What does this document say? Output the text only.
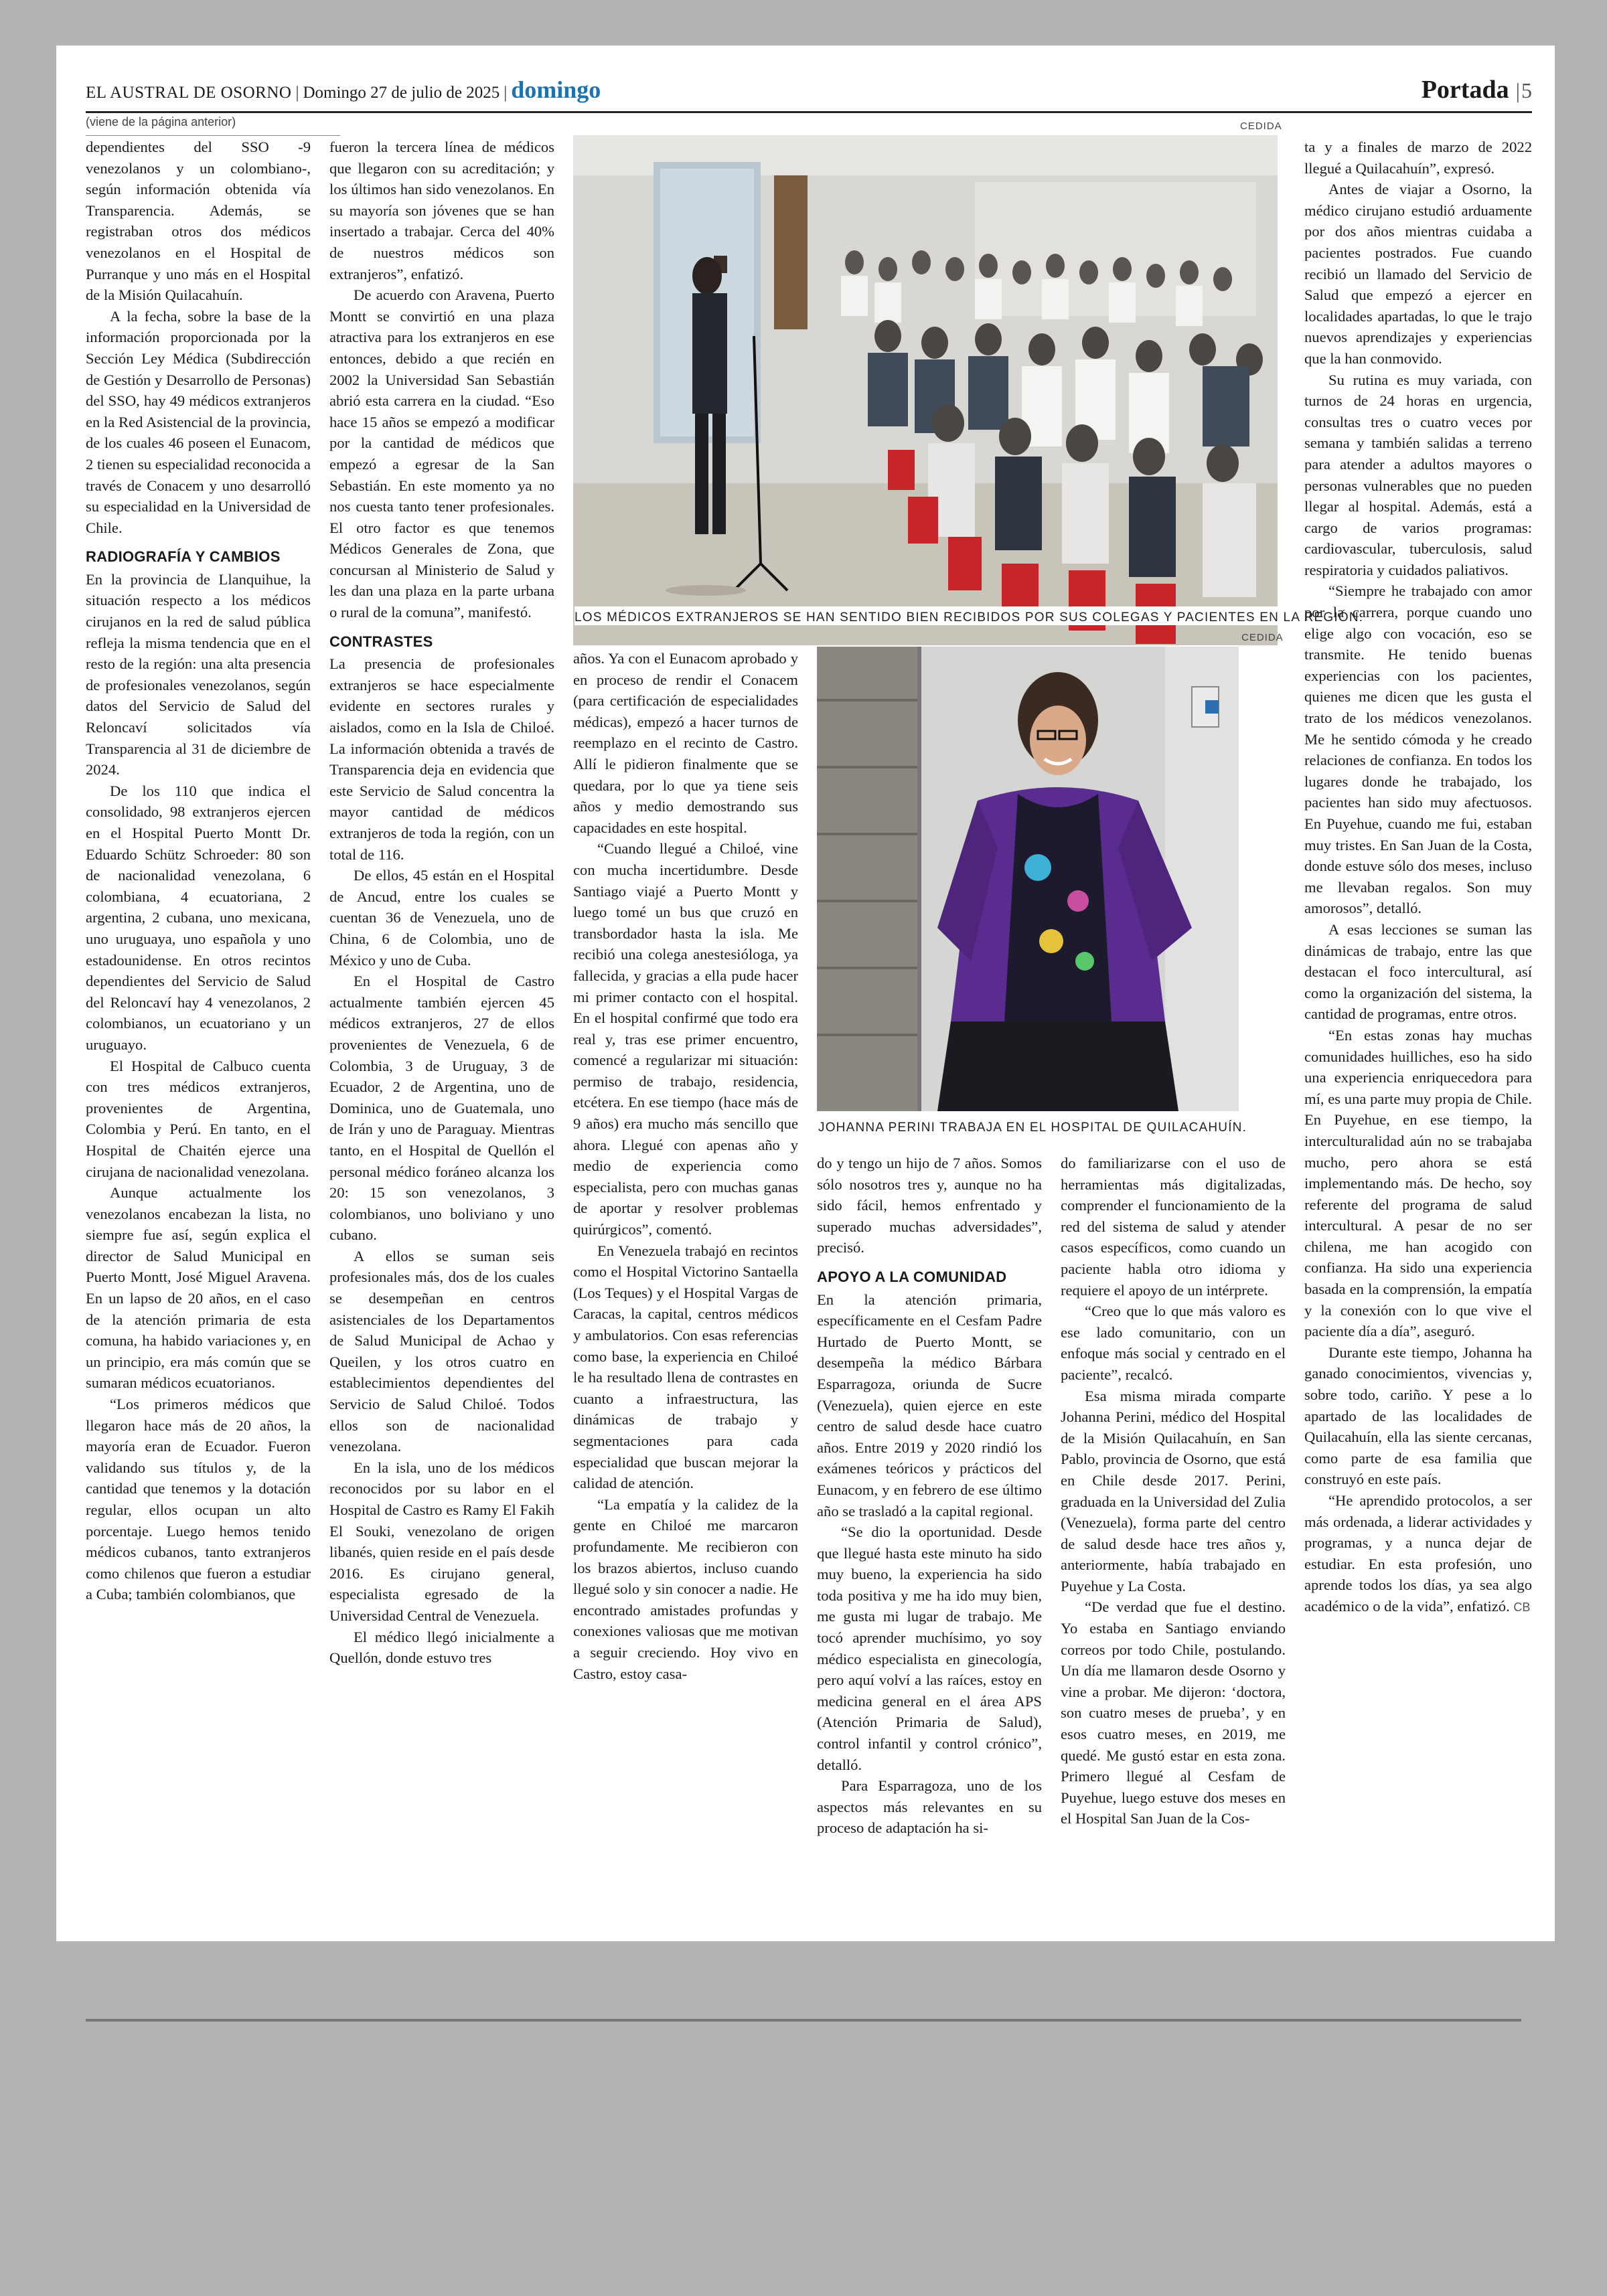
EL AUSTRAL DE OSORNO | Domingo 27 de julio de 2025 | domingo	Portada |5
(viene de la página anterior)

dependientes del SSO -9 venezolanos y un colombiano-, según información obtenida vía Transparencia. Además, se registraban otros dos médicos venezolanos en el Hospital de Purranque y uno más en el Hospital de la Misión Quilacahuín.

A la fecha, sobre la base de la información proporcionada por la Sección Ley Médica (Subdirección de Gestión y Desarrollo de Personas) del SSO, hay 49 médicos extranjeros en la Red Asistencial de la provincia, de los cuales 46 poseen el Eunacom, 2 tienen su especialidad reconocida a través de Conacem y uno desarrolló su especialidad en la Universidad de Chile.

RADIOGRAFÍA Y CAMBIOS

En la provincia de Llanquihue, la situación respecto a los médicos cirujanos en la red de salud pública refleja la misma tendencia que en el resto de la región: una alta presencia de profesionales venezolanos, según datos del Servicio de Salud del Reloncaví solicitados vía Transparencia al 31 de diciembre de 2024.

De los 110 que indica el consolidado, 98 extranjeros ejercen en el Hospital Puerto Montt Dr. Eduardo Schütz Schroeder: 80 son de nacionalidad venezolana, 6 colombiana, 4 ecuatoriana, 2 argentina, 2 cubana, uno mexicana, uno uruguaya, uno española y uno estadounidense. En otros recintos dependientes del Servicio de Salud del Reloncaví hay 4 venezolanos, 2 colombianos, un ecuatoriano y un uruguayo.

El Hospital de Calbuco cuenta con tres médicos extranjeros, provenientes de Argentina, Colombia y Perú. En tanto, en el Hospital de Chaitén ejerce una cirujana de nacionalidad venezolana.

Aunque actualmente los venezolanos encabezan la lista, no siempre fue así, según explica el director de Salud Municipal en Puerto Montt, José Miguel Aravena. En un lapso de 20 años, en el caso de la atención primaria de esta comuna, ha habido variaciones y, en un principio, era más común que se sumaran médicos ecuatorianos.

“Los primeros médicos que llegaron hace más de 20 años, la mayoría eran de Ecuador. Fueron validando sus títulos y, de la cantidad que tenemos y la dotación regular, ellos ocupan un alto porcentaje. Luego hemos tenido médicos cubanos, tanto extranjeros como chilenos que fueron a estudiar a Cuba; también colombianos, que

fueron la tercera línea de médicos que llegaron con su acreditación; y los últimos han sido venezolanos. En su mayoría son jóvenes que se han insertado a trabajar. Cerca del 40% de nuestros médicos son extranjeros”, enfatizó.

De acuerdo con Aravena, Puerto Montt se convirtió en una plaza atractiva para los extranjeros en ese entonces, debido a que recién en 2002 la Universidad San Sebastián abrió esta carrera en la ciudad. “Eso hace 15 años se empezó a modificar por la cantidad de médicos que empezó a egresar de la San Sebastián. En este momento ya no nos cuesta tanto tener profesionales. El otro factor es que tenemos Médicos Generales de Zona, que concursan al Ministerio de Salud y les dan una plaza en la parte urbana o rural de la comuna”, manifestó.

CONTRASTES

La presencia de profesionales extranjeros se hace especialmente evidente en sectores rurales y aislados, como en la Isla de Chiloé. La información obtenida a través de Transparencia deja en evidencia que este Servicio de Salud concentra la mayor cantidad de médicos extranjeros de toda la región, con un total de 116.

De ellos, 45 están en el Hospital de Ancud, entre los cuales se cuentan 36 de Venezuela, uno de China, 6 de Colombia, uno de México y uno de Cuba.

En el Hospital de Castro actualmente también ejercen 45 médicos extranjeros, 27 de ellos provenientes de Venezuela, 6 de Colombia, 3 de Uruguay, 3 de Ecuador, 2 de Argentina, uno de Dominica, uno de Guatemala, uno de Irán y uno de Paraguay. Mientras tanto, en el Hospital de Quellón el personal médico foráneo alcanza los 20: 15 son venezolanos, 3 colombianos, uno boliviano y uno cubano.

A ellos se suman seis profesionales más, dos de los cuales se desempeñan en centros asistenciales de los Departamentos de Salud Municipal de Achao y Queilen, y los otros cuatro en establecimientos dependientes del Servicio de Salud Chiloé. Todos ellos son de nacionalidad venezolana.

En la isla, uno de los médicos reconocidos por su labor en el Hospital de Castro es Ramy El Fakih El Souki, venezolano de origen libanés, quien reside en el país desde 2016. Es cirujano general, especialista egresado de la Universidad Central de Venezuela.

El médico llegó inicialmente a Quellón, donde estuvo tres

CEDIDA
LOS MÉDICOS EXTRANJEROS SE HAN SENTIDO BIEN RECIBIDOS POR SUS COLEGAS Y PACIENTES EN LA REGIÓN.
CEDIDA
JOHANNA PERINI TRABAJA EN EL HOSPITAL DE QUILACAHUÍN.

años. Ya con el Eunacom aprobado y en proceso de rendir el Conacem (para certificación de especialidades médicas), empezó a hacer turnos de reemplazo en el recinto de Castro. Allí le pidieron finalmente que se quedara, por lo que ya tiene seis años y medio demostrando sus capacidades en este hospital.

“Cuando llegué a Chiloé, vine con mucha incertidumbre. Desde Santiago viajé a Puerto Montt y luego tomé un bus que cruzó en transbordador hasta la isla. Me recibió una colega anestesióloga, ya fallecida, y gracias a ella pude hacer mi primer contacto con el hospital. En el hospital confirmé que todo era real y, tras ese primer encuentro, comencé a regularizar mi situación: permiso de trabajo, residencia, etcétera. En ese tiempo (hace más de 9 años) era mucho más sencillo que ahora. Llegué con apenas año y medio de experiencia como especialista, pero con muchas ganas de aportar y resolver problemas quirúrgicos”, comentó.

En Venezuela trabajó en recintos como el Hospital Victorino Santaella (Los Teques) y el Hospital Vargas de Caracas, la capital, centros médicos y ambulatorios. Con esas referencias como base, la experiencia en Chiloé le ha resultado llena de contrastes en cuanto a infraestructura, las dinámicas de trabajo y segmentaciones para cada especialidad que buscan mejorar la calidad de atención.

“La empatía y la calidez de la gente en Chiloé me marcaron profundamente. Me recibieron con los brazos abiertos, incluso cuando llegué solo y sin conocer a nadie. He encontrado amistades profundas y conexiones valiosas que me motivan a seguir creciendo. Hoy vivo en Castro, estoy casa-

do y tengo un hijo de 7 años. Somos sólo nosotros tres y, aunque no ha sido fácil, hemos enfrentado y superado muchas adversidades”, precisó.

APOYO A LA COMUNIDAD

En la atención primaria, específicamente en el Cesfam Padre Hurtado de Puerto Montt, se desempeña la médico Bárbara Esparragoza, oriunda de Sucre (Venezuela), quien ejerce en este centro de salud desde hace cuatro años. Entre 2019 y 2020 rindió los exámenes teóricos y prácticos del Eunacom, y en febrero de ese último año se trasladó a la capital regional.

“Se dio la oportunidad. Desde que llegué hasta este minuto ha sido muy bueno, la experiencia ha sido toda positiva y me ha ido muy bien, me gusta mi lugar de trabajo. Me tocó aprender muchísimo, yo soy médico especialista en ginecología, pero aquí volví a las raíces, estoy en medicina general en el área APS (Atención Primaria de Salud), control infantil y control crónico”, detalló.

Para Esparragoza, uno de los aspectos más relevantes en su proceso de adaptación ha si-

do familiarizarse con el uso de herramientas más digitalizadas, comprender el funcionamiento de la red del sistema de salud y atender casos específicos, como cuando un paciente habla otro idioma y requiere el apoyo de un intérprete.

“Creo que lo que más valoro es ese lado comunitario, con un enfoque más social y centrado en el paciente”, recalcó.

Esa misma mirada comparte Johanna Perini, médico del Hospital de la Misión Quilacahuín, en San Pablo, provincia de Osorno, que está en Chile desde 2017. Perini, graduada en la Universidad del Zulia (Venezuela), forma parte del centro de salud desde hace tres años y, anteriormente, había trabajado en Puyehue y La Costa.

“De verdad que fue el destino. Yo estaba en Santiago enviando correos por todo Chile, postulando. Un día me llamaron desde Osorno y vine a probar. Me dijeron: ‘doctora, son cuatro meses de prueba’, y en esos cuatro meses, en 2019, me quedé. Me gustó estar en esta zona. Primero llegué al Cesfam de Puyehue, luego estuve dos meses en el Hospital San Juan de la Cos-

ta y a finales de marzo de 2022 llegué a Quilacahuín”, expresó.

Antes de viajar a Osorno, la médico cirujano estudió arduamente por dos años mientras cuidaba a pacientes postrados. Fue cuando recibió un llamado del Servicio de Salud que empezó a ejercer en localidades apartadas, lo que le trajo nuevos aprendizajes y experiencias que la han conmovido.

Su rutina es muy variada, con turnos de 24 horas en urgencia, consultas tres o cuatro veces por semana y también salidas a terreno para atender a adultos mayores o personas vulnerables que no pueden llegar al hospital. Además, está a cargo de varios programas: cardiovascular, tuberculosis, salud respiratoria y cuidados paliativos.

“Siempre he trabajado con amor por la carrera, porque cuando uno elige algo con vocación, eso se transmite. He tenido buenas experiencias con los pacientes, quienes me dicen que les gusta el trato de los médicos venezolanos. Me he sentido cómoda y he creado relaciones de confianza. En todos los lugares donde he trabajado, los pacientes han sido muy afectuosos. En Puyehue, cuando me fui, estaban muy tristes. En San Juan de la Costa, donde estuve sólo dos meses, incluso me llevaban regalos. Son muy amorosos”, detalló.

A esas lecciones se suman las dinámicas de trabajo, entre las que destacan el foco intercultural, así como la organización del sistema, la cantidad de programas, entre otros.

“En estas zonas hay muchas comunidades huilliches, eso ha sido una experiencia enriquecedora para mí, es una parte muy propia de Chile. En Puyehue, en ese tiempo, la interculturalidad aún no se trabajaba mucho, pero ahora se está implementando más. De hecho, soy referente del programa de salud intercultural. A pesar de no ser chilena, me han acogido con confianza. Ha sido una experiencia basada en la comprensión, la empatía y la conexión con lo que vive el paciente día a día”, aseguró.

Durante este tiempo, Johanna ha ganado conocimientos, vivencias y, sobre todo, cariño. Y pese a lo apartado de las localidades de Quilacahuín, ella las siente cercanas, como parte de esa familia que construyó en este país.

“He aprendido protocolos, a ser más ordenada, a liderar actividades y programas, y a nunca dejar de estudiar. En esta profesión, uno aprende todos los días, ya sea algo académico o de la vida”, enfatizó. CB
